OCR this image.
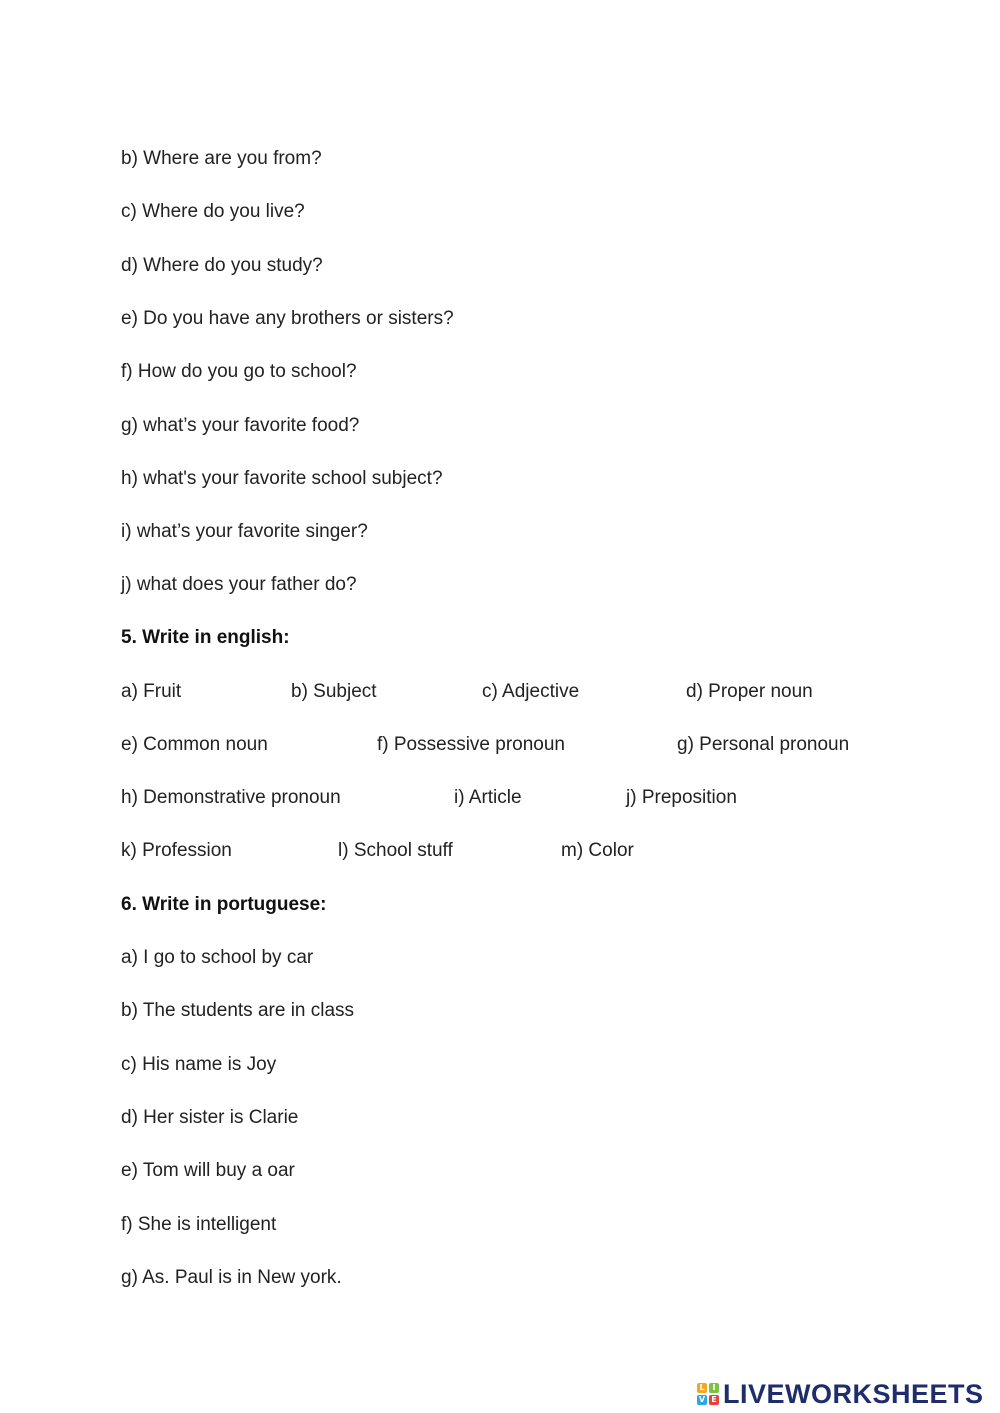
b) Where are you from?
c) Where do you live?
d) Where do you study?
e) Do you have any brothers or sisters?
f) How do you go to school?
g) what’s your favorite food?
h) what's your favorite school subject?
i) what’s your favorite singer?
j) what does your father do?
5. Write in english:
a) Fruit	b) Subject	c) Adjective	d) Proper noun
e) Common noun	f) Possessive pronoun	g) Personal pronoun
h) Demonstrative pronoun	i) Article	j) Preposition
k) Profession	l) School stuff	m) Color
6. Write in portuguese:
a) I go to school by car
b) The students are in class
c) His name is Joy
d) Her sister is Clarie
e) Tom will buy a oar
f) She is intelligent
g) As. Paul is in New york.
L I
V E LIVEWORKSHEETS
